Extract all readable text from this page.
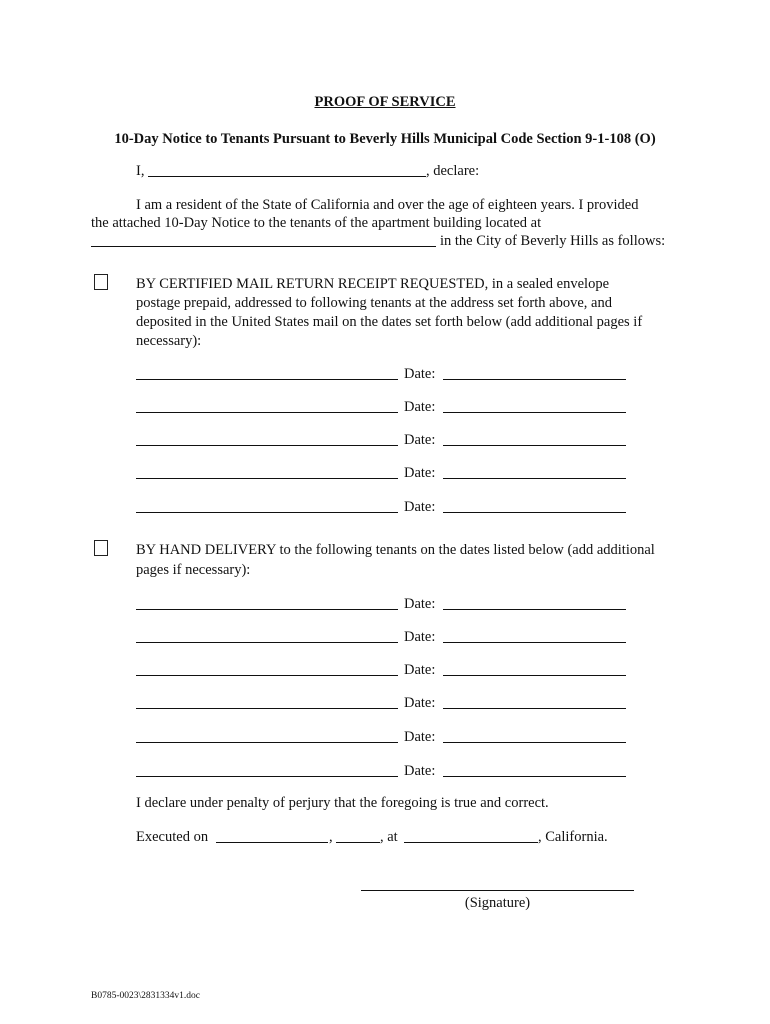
PROOF OF SERVICE
10-Day Notice to Tenants Pursuant to Beverly Hills Municipal Code Section 9-1-108 (O)
I,	, declare:
I am a resident of the State of California and over the age of eighteen years. I provided
the attached 10-Day Notice to the tenants of the apartment building located at
in the City of Beverly Hills as follows:
BY CERTIFIED MAIL RETURN RECEIPT REQUESTED, in a sealed envelope
postage prepaid, addressed to following tenants at the address set forth above, and
deposited in the United States mail on the dates set forth below (add additional pages if
necessary):
Date:
Date:
Date:
Date:
Date:
BY HAND DELIVERY to the following tenants on the dates listed below (add additional
pages if necessary):
Date:
Date:
Date:
Date:
Date:
Date:
I declare under penalty of perjury that the foregoing is true and correct.
Executed on	,	, at	, California.
(Signature)
B0785-0023\2831334v1.doc
